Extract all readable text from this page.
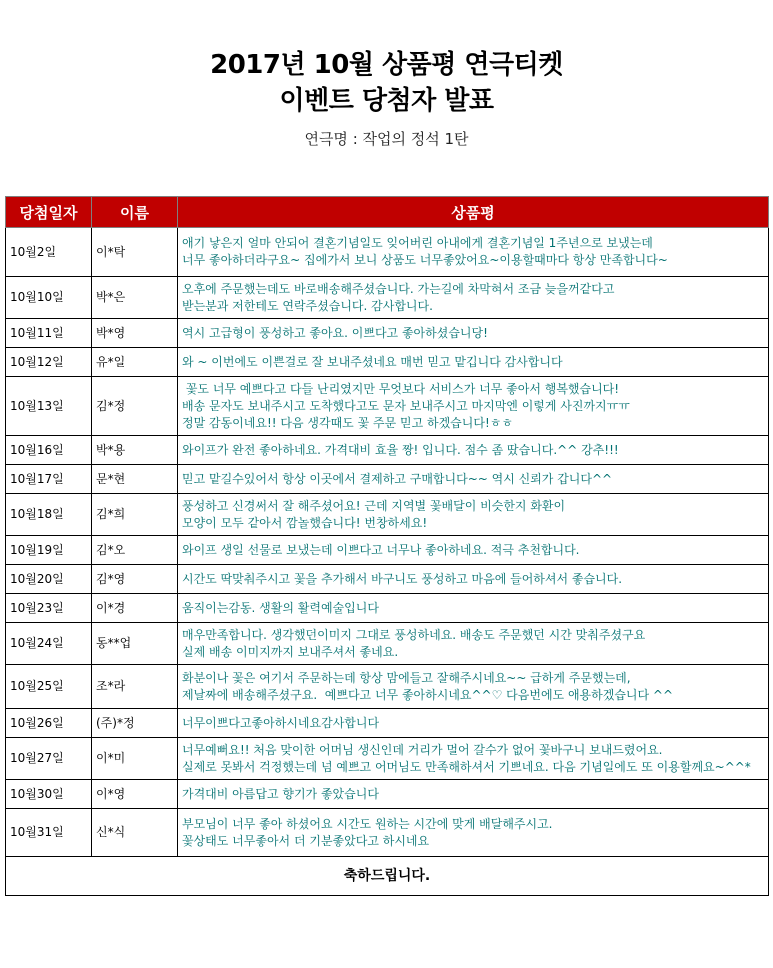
2017년 10월 상품평 연극티켓
이벤트 당첨자 발표
연극명 : 작업의 정석 1탄
당첨일자	이름	상품평
10월2일	이*탁	애기 낳은지 얼마 안되어 결혼기념일도 잊어버린 아내에게 결혼기념일 1주년으로 보냈는데
너무 좋아하더라구요~ 집에가서 보니 상품도 너무좋았어요~이용할때마다 항상 만족합니다~

10월10일	박*은	오후에 주문했는데도 바로배송해주셨습니다. 가는길에 차막혀서 조금 늦을꺼같다고
받는분과 저한테도 연락주셨습니다. 감사합니다.

10월11일	박*영	역시 고급형이 풍성하고 좋아요. 이쁘다고 좋아하셨습니당!

10월12일	유*일	와 ~ 이번에도 이쁜걸로 잘 보내주셨네요 매번 믿고 맡깁니다 감사합니다

10월13일	김*정	꽃도 너무 예쁘다고 다들 난리였지만 무엇보다 서비스가 너무 좋아서 행복했습니다!
배송 문자도 보내주시고 도착했다고도 문자 보내주시고 마지막엔 이렇게 사진까지ㅠㅠ
정말 감동이네요!! 다음 생각때도 꽃 주문 믿고 하겠습니다!ㅎㅎ

10월16일	박*용	와이프가 완전 좋아하네요. 가격대비 효율 짱! 입니다. 점수 좀 땄습니다.^^ 강추!!!

10월17일	문*현	믿고 맡길수있어서 항상 이곳에서 결제하고 구매합니다~~ 역시 신뢰가 갑니다^^

10월18일	김*희	풍성하고 신경써서 잘 해주셨어요! 근데 지역별 꽃배달이 비슷한지 화환이
모양이 모두 같아서 깜놀했습니다! 번창하세요!

10월19일	김*오	와이프 생일 선물로 보냈는데 이쁘다고 너무나 좋아하네요. 적극 추천합니다.

10월20일	김*영	시간도 딱맞춰주시고 꽃을 추가해서 바구니도 풍성하고 마음에 들어하셔서 좋습니다.

10월23일	이*경	움직이는감동. 생활의 활력예술입니다

10월24일	동**업	매우만족합니다. 생각했던이미지 그대로 풍성하네요. 배송도 주문했던 시간 맞춰주셨구요
실제 배송 이미지까지 보내주셔서 좋네요.

10월25일	조*라	화분이나 꽃은 여기서 주문하는데 항상 맘에들고 잘해주시네요~~ 급하게 주문했는데,
제날짜에 배송해주셨구요.  예쁘다고 너무 좋아하시네요^^♡ 다음번에도 애용하겠습니다 ^^

10월26일	(주)*정	너무이쁘다고좋아하시네요감사합니다

10월27일	이*미	너무예뻐요!! 처음 맞이한 어머님 생신인데 거리가 멀어 갈수가 없어 꽃바구니 보내드렸어요.
실제로 못봐서 걱정했는데 넘 예쁘고 어머님도 만족해하셔서 기쁘네요. 다음 기념일에도 또 이용할께요~^^*

10월30일	이*영	가격대비 아름답고 향기가 좋았습니다

10월31일	신*식	부모님이 너무 좋아 하셨어요 시간도 원하는 시간에 맞게 배달해주시고.
꽃상태도 너무좋아서 더 기분좋았다고 하시네요

축하드립니다.		
